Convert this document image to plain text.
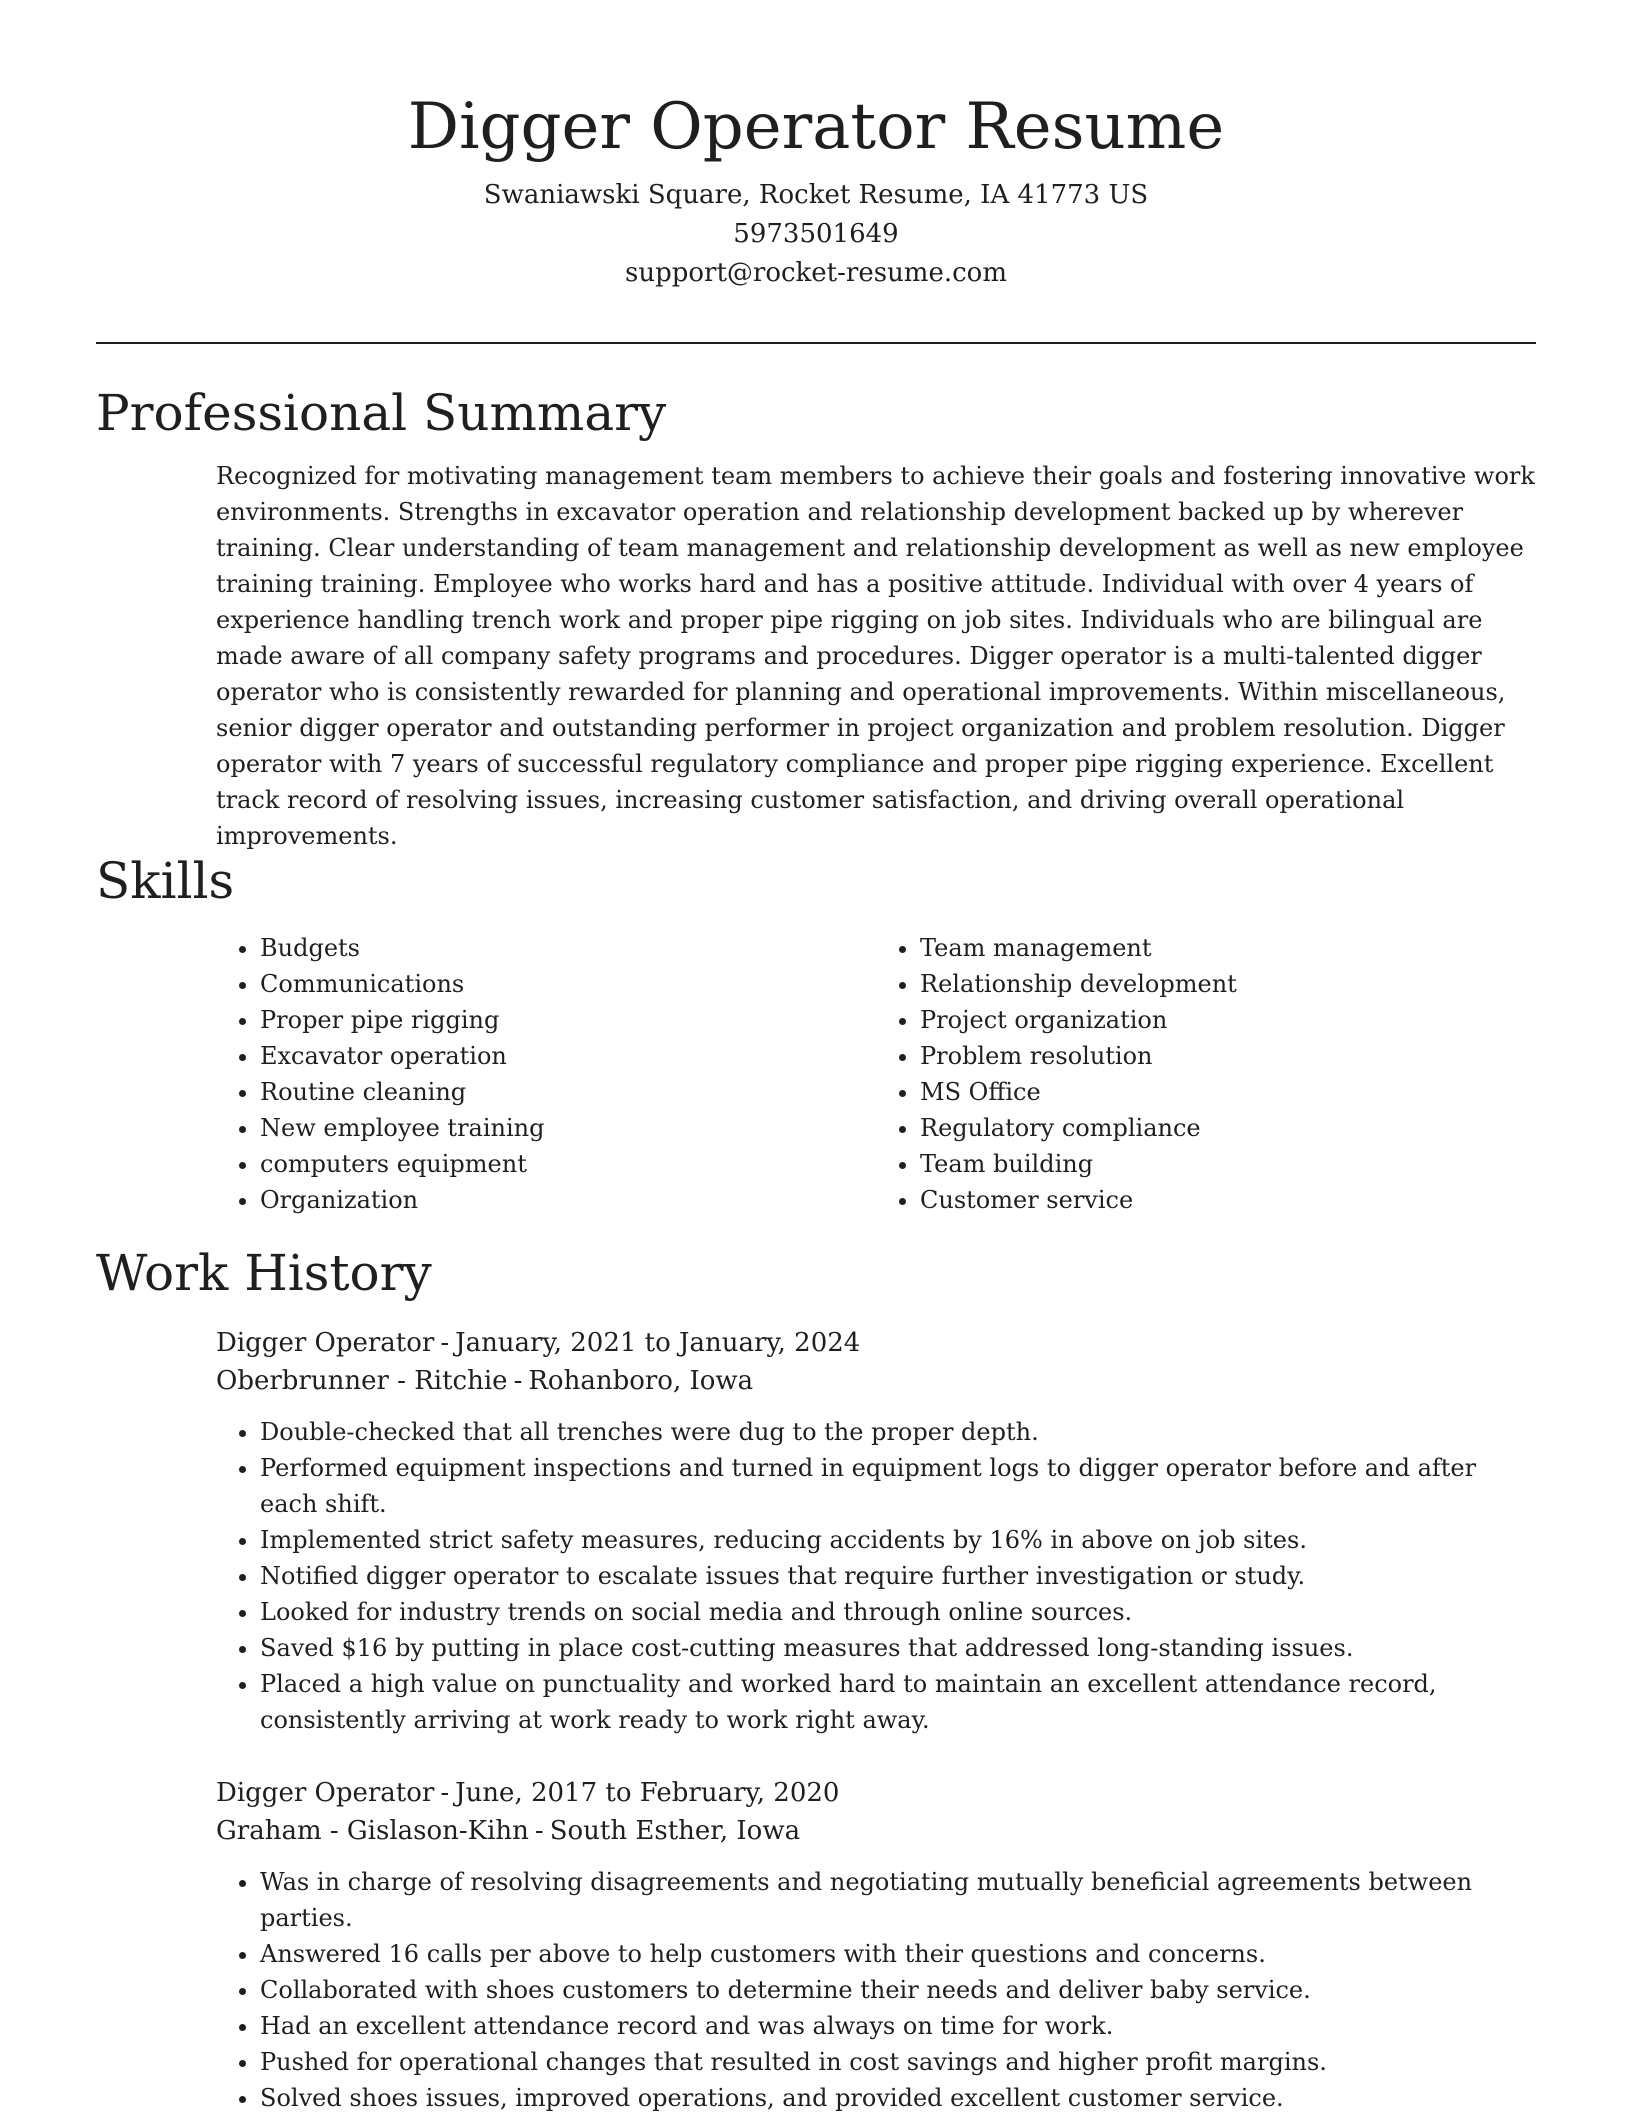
Digger Operator Resume

Swaniawski Square, Rocket Resume, IA 41773 US

5973501649

support@rocket-resume.com

Professional Summary

Recognized for motivating management team members to achieve their goals and fostering innovative work environments. Strengths in excavator operation and relationship development backed up by wherever training. Clear understanding of team management and relationship development as well as new employee training training. Employee who works hard and has a positive attitude. Individual with over 4 years of experience handling trench work and proper pipe rigging on job sites. Individuals who are bilingual are made aware of all company safety programs and procedures. Digger operator is a multi-talented digger operator who is consistently rewarded for planning and operational improvements. Within miscellaneous, senior digger operator and outstanding performer in project organization and problem resolution. Digger operator with 7 years of successful regulatory compliance and proper pipe rigging experience. Excellent track record of resolving issues, increasing customer satisfaction, and driving overall operational improvements.

Skills
• Budgets
• Communications
• Proper pipe rigging
• Excavator operation
• Routine cleaning
• New employee training
• computers equipment
• Organization
• Team management
• Relationship development
• Project organization
• Problem resolution
• MS Office
• Regulatory compliance
• Team building
• Customer service
Work History

Digger Operator - January, 2021 to January, 2024

Oberbrunner - Ritchie - Rohanboro, Iowa

• Double-checked that all trenches were dug to the proper depth.
• Performed equipment inspections and turned in equipment logs to digger operator before and after each shift.
• Implemented strict safety measures, reducing accidents by 16% in above on job sites.
• Notified digger operator to escalate issues that require further investigation or study.
• Looked for industry trends on social media and through online sources.
• Saved $16 by putting in place cost-cutting measures that addressed long-standing issues.
• Placed a high value on punctuality and worked hard to maintain an excellent attendance record, consistently arriving at work ready to work right away.

Digger Operator - June, 2017 to February, 2020

Graham - Gislason-Kihn - South Esther, Iowa

• Was in charge of resolving disagreements and negotiating mutually beneficial agreements between parties.
• Answered 16 calls per above to help customers with their questions and concerns.
• Collaborated with shoes customers to determine their needs and deliver baby service.
• Had an excellent attendance record and was always on time for work.
• Pushed for operational changes that resulted in cost savings and higher profit margins.
• Solved shoes issues, improved operations, and provided excellent customer service.
